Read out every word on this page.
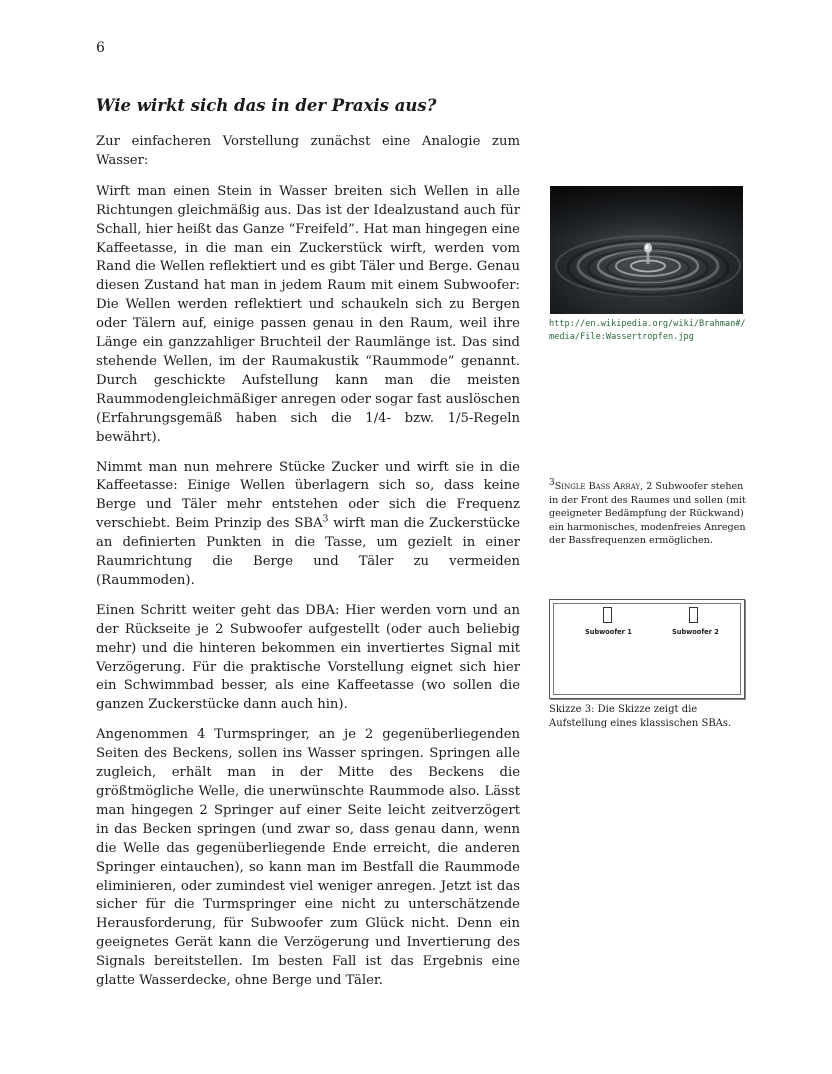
6
Wie wirkt sich das in der Praxis aus?

Zur einfacheren Vorstellung zunächst eine Analogie zum Wasser:

Wirft man einen Stein in Wasser breiten sich Wellen in alle Richtungen gleichmäßig aus. Das ist der Idealzustand auch für Schall, hier heißt das Ganze “Freifeld”. Hat man hingegen eine Kaffeetasse, in die man ein Zuckerstück wirft, werden vom Rand die Wellen reflektiert und es gibt Täler und Berge. Genau diesen Zustand hat man in jedem Raum mit einem Subwoofer: Die Wellen werden reflektiert und schaukeln sich zu Bergen oder Tälern auf, einige passen genau in den Raum, weil ihre Länge ein ganzzahliger Bruchteil der Raumlänge ist. Das sind stehende Wellen, im der Raumakustik “Raummode” genannt. Durch geschickte Aufstellung kann man die meisten Raummodengleichmäßiger anregen oder sogar fast auslöschen (Erfahrungsgemäß haben sich die 1/4- bzw. 1/5-Regeln bewährt).

Nimmt man nun mehrere Stücke Zucker und wirft sie in die Kaffeetasse: Einige Wellen überlagern sich so, dass keine Berge und Täler mehr entstehen oder sich die Frequenz verschiebt. Beim Prinzip des SBA$^3$ wirft man die Zuckerstücke an definierten Punkten in die Tasse, um gezielt in einer Raumrichtung die Berge und Täler zu vermeiden (Raummoden).

Einen Schritt weiter geht das DBA: Hier werden vorn und an der Rückseite je 2 Subwoofer aufgestellt (oder auch beliebig mehr) und die hinteren bekommen ein invertiertes Signal mit Verzögerung. Für die praktische Vorstellung eignet sich hier ein Schwimmbad besser, als eine Kaffeetasse (wo sollen die ganzen Zuckerstücke dann auch hin).

Angenommen 4 Turmspringer, an je 2 gegenüberliegenden Seiten des Beckens, sollen ins Wasser springen. Springen alle zugleich, erhält man in der Mitte des Beckens die größtmögliche Welle, die unerwünschte Raummode also. Lässt man hingegen 2 Springer auf einer Seite leicht zeitverzögert in das Becken springen (und zwar so, dass genau dann, wenn die Welle das gegenüberliegende Ende erreicht, die anderen Springer eintauchen), so kann man im Bestfall die Raummode eliminieren, oder zumindest viel weniger anregen. Jetzt ist das sicher für die Turmspringer eine nicht zu unterschätzende Herausforderung, für Subwoofer zum Glück nicht. Denn ein geeignetes Gerät kann die Verzögerung und Invertierung des Signals bereitstellen. Im besten Fall ist das Ergebnis eine glatte Wasserdecke, ohne Berge und Täler.

http://en.wikipedia.org/wiki/Brahman#/media/File:Wassertropfen.jpg
$^3$Single Bass Array, 2 Subwoofer stehen in der Front des Raumes und sollen (mit geeigneter Bedämpfung der Rückwand) ein harmonisches, modenfreies Anregen der Bassfrequenzen ermöglichen.
Subwoofer 1	Subwoofer 2
Skizze 3: Die Skizze zeigt die Aufstellung eines klassischen SBAs.
